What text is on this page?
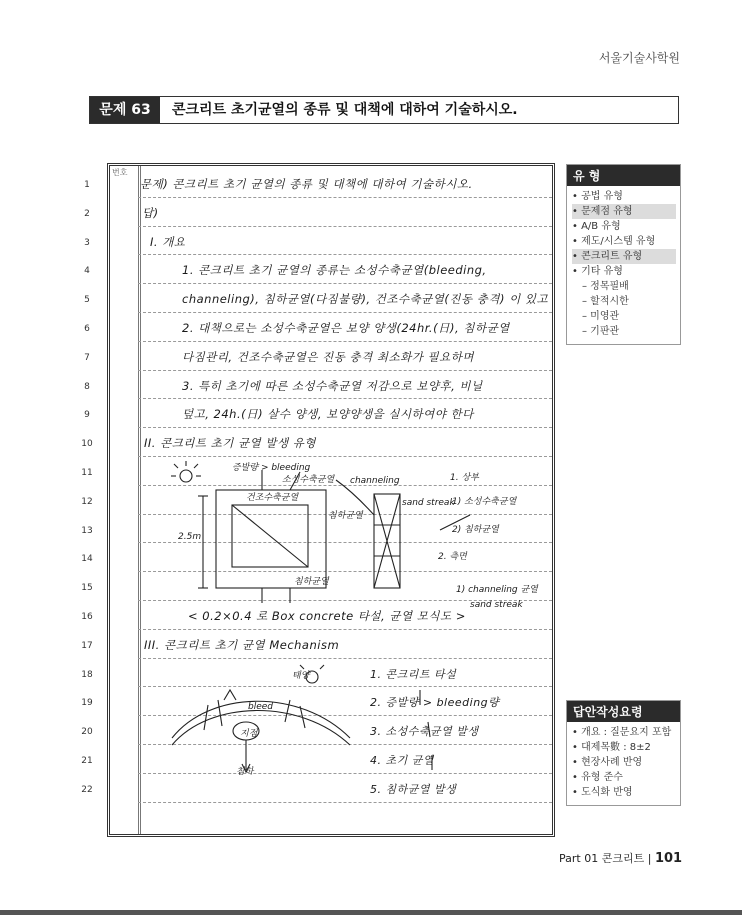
서울기술사학원
문제 63	콘크리트 초기균열의 종류 및 대책에 대하여 기술하시오.
번호
1
2
3
4
5
6
7
8
9
10
11
12
13
14
15
16
17
18
19
20
21
22
문제) 콘크리트 초기 균열의 종류 및 대책에 대하여 기술하시오.
답)
I. 개요
1. 콘크리트 초기 균열의 종류는 소성수축균열(bleeding,
channeling), 침하균열(다짐불량), 건조수축균열(진동 충격) 이 있고
2. 대책으로는 소성수축균열은 보양 양생(24hr.(日), 침하균열
다짐관리, 건조수축균열은 진동 충격 최소화가 필요하며
3. 특히 초기에 따른 소성수축균열 저감으로 보양후, 비닐
덮고, 24h.(日) 살수 양생, 보양양생을 실시하여야 한다
II. 콘크리트 초기 균열 발생 유형
< 0.2×0.4 로 Box concrete 타설, 균열 모식도 >
III. 콘크리트 초기 균열 Mechanism
1. 콘크리트 타설
2. 증발량 > bleeding량
3. 소성수축균열 발생
4. 초기 균열
5. 침하균열 발생
증발량 > bleeding
소성수축균열
건조수축균열
침하균열
2.5m
침하균열
channeling
sand streak
1. 상부
1) 소성수축균열
2) 침하균열
2. 측면
1) channeling 균열
sand streak
bleed
침하
지점
태양
유 형
• 공법 유형
• 문제점 유형
• A/B 유형
• 제도/시스템 유형
• 콘크리트 유형
• 기타 유형
– 정목필배
– 할적시한
– 미영관
– 기판관
답안작성요령
• 개요 : 질문요지 포함
• 대제목數 : 8±2
• 현장사례 반영
• 유형 준수
• 도식화 반영
Part 01 콘크리트 | 101
